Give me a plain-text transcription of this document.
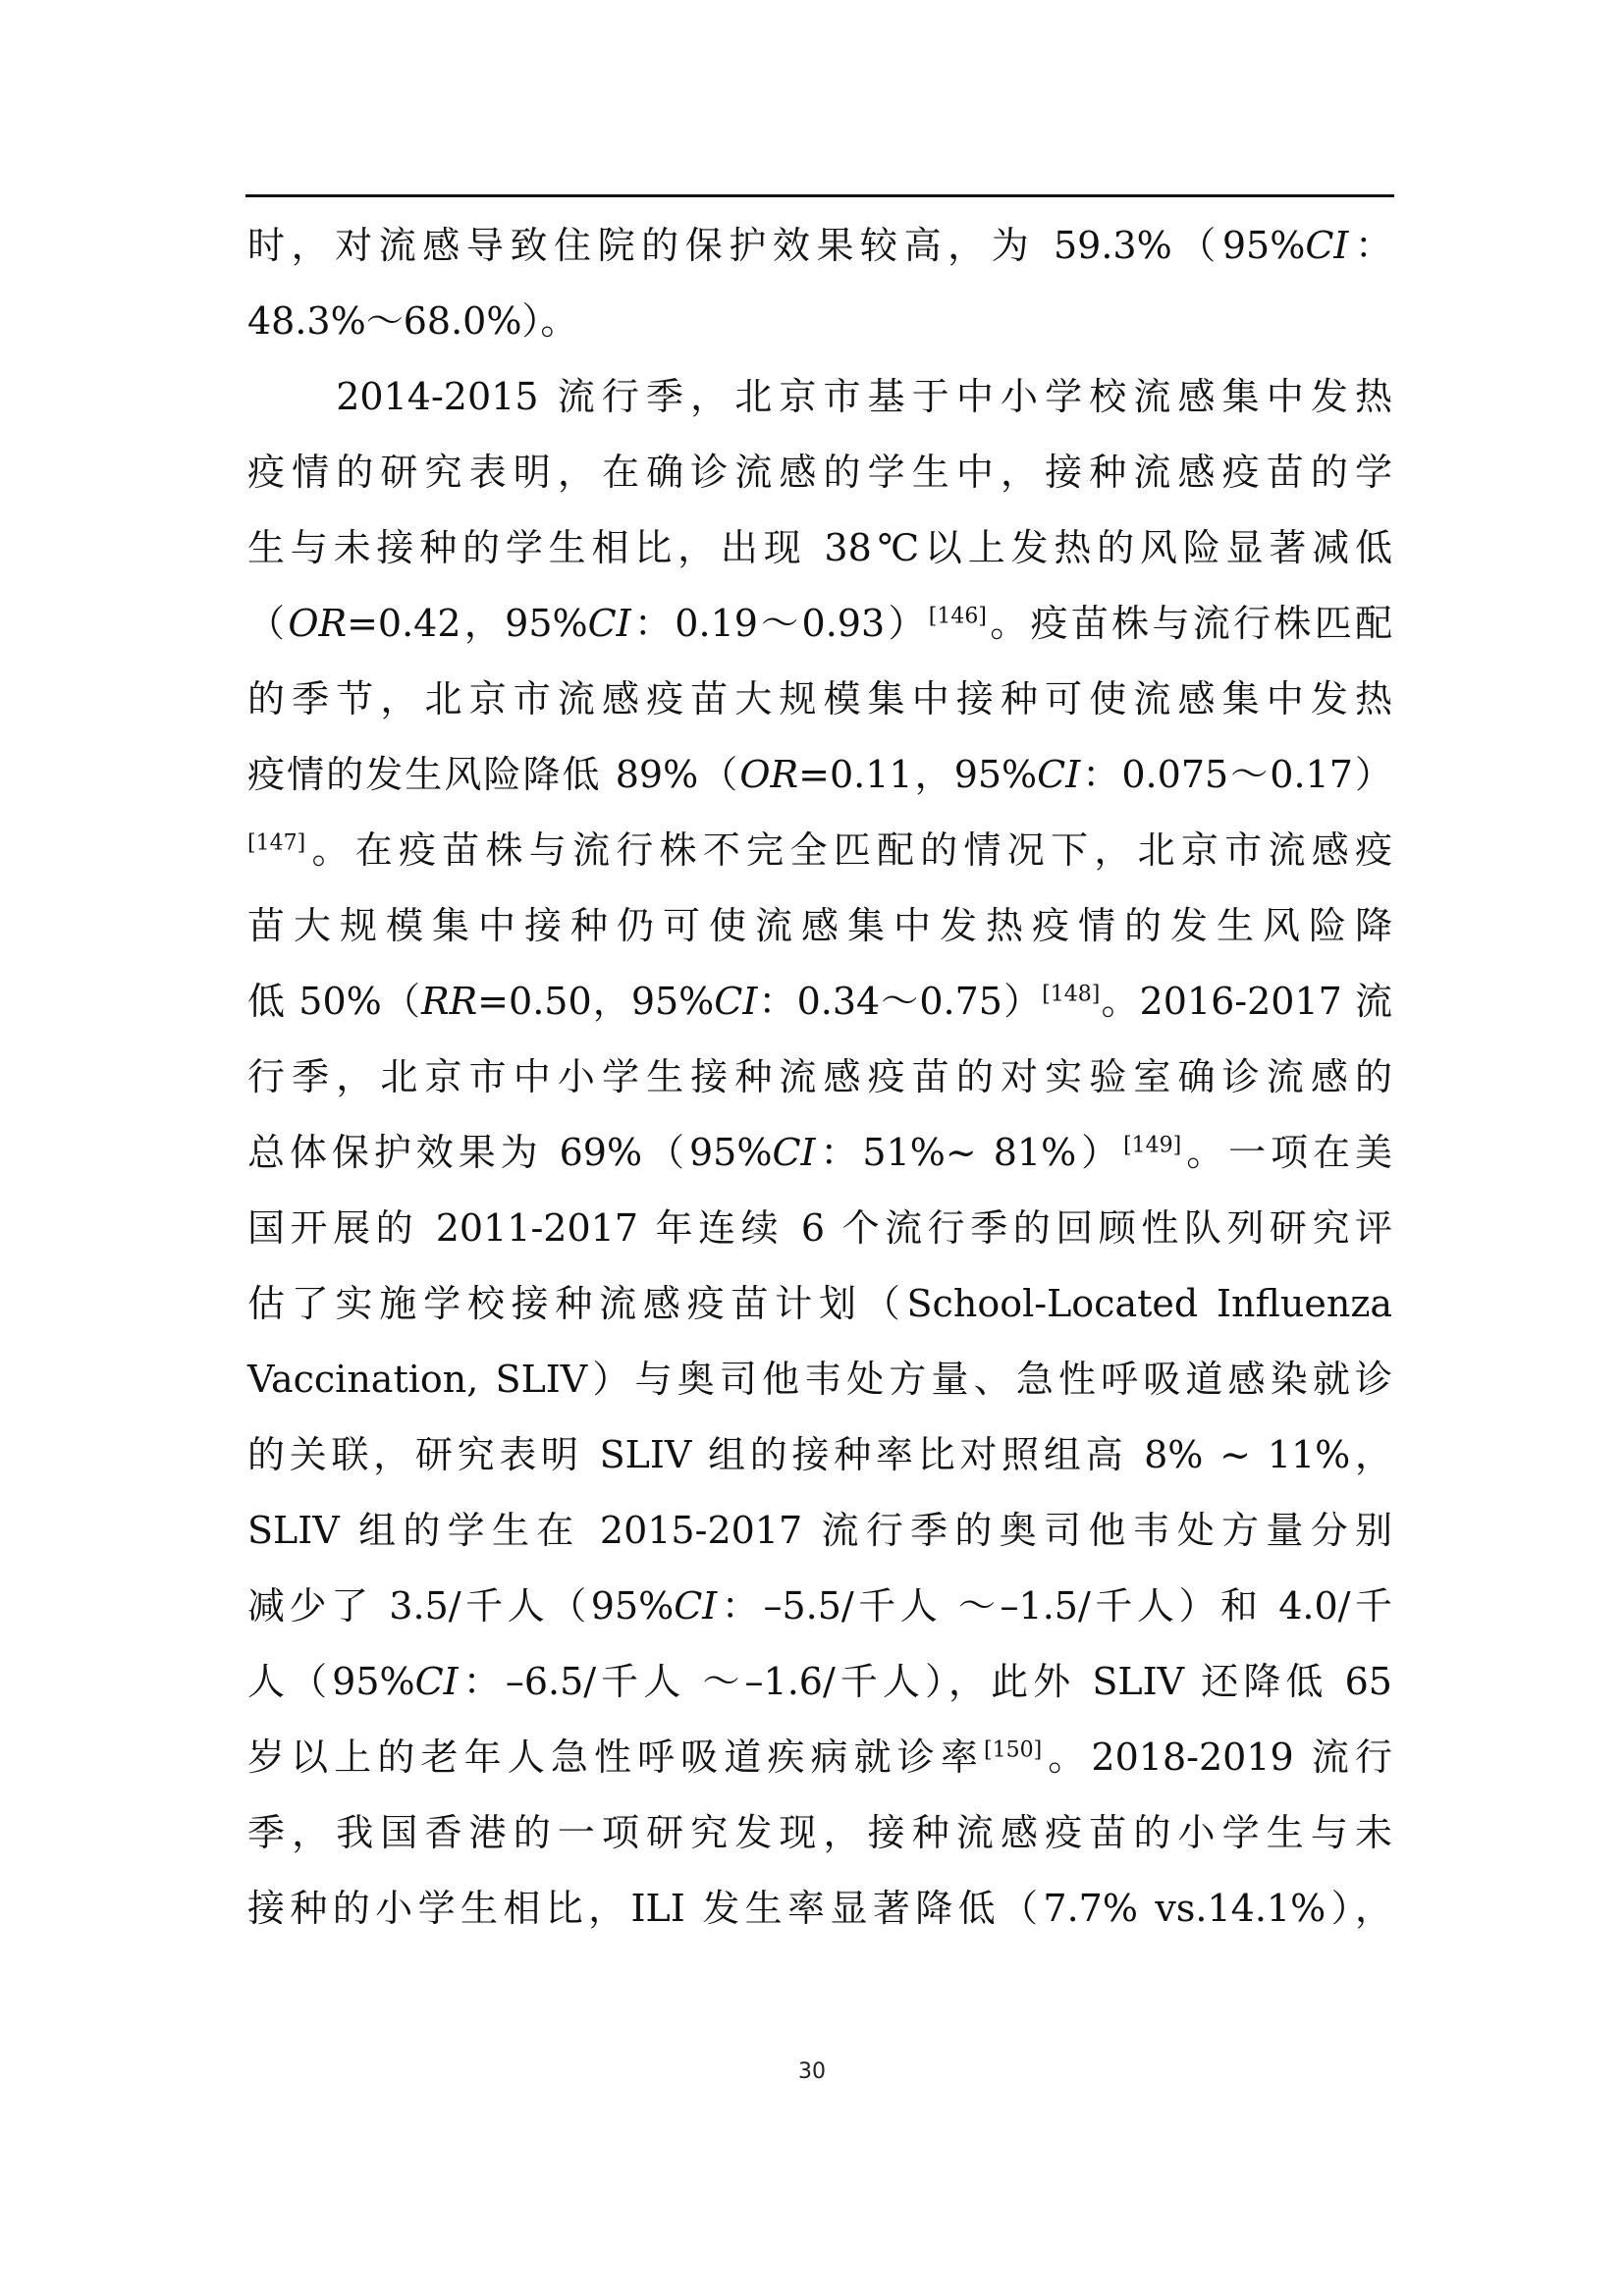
时，对流感导致住院的保护效果较高，为 59.3%（95%CI：
48.3%～68.0%）。
　　2014-2015 流行季，北京市基于中小学校流感集中发热
疫情的研究表明，在确诊流感的学生中，接种流感疫苗的学
生与未接种的学生相比，出现 38℃以上发热的风险显著减低
（OR=0.42，95%CI：0.19～0.93）[146]。疫苗株与流行株匹配
的季节，北京市流感疫苗大规模集中接种可使流感集中发热
疫情的发生风险降低 89%（OR=0.11，95%CI：0.075～0.17）
[147]。在疫苗株与流行株不完全匹配的情况下，北京市流感疫
苗大规模集中接种仍可使流感集中发热疫情的发生风险降
低 50%（RR=0.50，95%CI：0.34～0.75）[148]。2016-2017 流
行季，北京市中小学生接种流感疫苗的对实验室确诊流感的
总体保护效果为 69%（95%CI：51%~ 81%）[149]。一项在美
国开展的 2011-2017 年连续 6 个流行季的回顾性队列研究评
估了实施学校接种流感疫苗计划（School-Located Influenza
Vaccination, SLIV）与奥司他韦处方量、急性呼吸道感染就诊
的关联，研究表明 SLIV 组的接种率比对照组高 8% ~ 11%，
SLIV 组的学生在 2015-2017 流行季的奥司他韦处方量分别
减少了 3.5/千人（95%CI：–5.5/千人 ～–1.5/千人）和 4.0/千
人（95%CI：–6.5/千人 ～–1.6/千人），此外 SLIV 还降低 65
岁以上的老年人急性呼吸道疾病就诊率[150]。2018-2019 流行
季，我国香港的一项研究发现，接种流感疫苗的小学生与未
接种的小学生相比，ILI 发生率显著降低（7.7% vs.14.1%），
30
